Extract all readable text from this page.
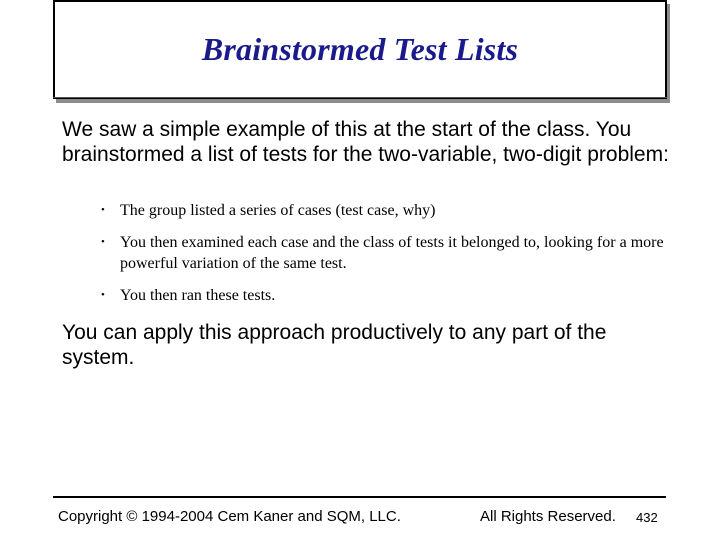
Brainstormed Test Lists
We saw a simple example of this at the start of the class. You brainstormed a list of tests for the two-variable, two-digit problem:
• The group listed a series of cases (test case, why)
• You then examined each case and the class of tests it belonged to, looking for a more powerful variation of the same test.
• You then ran these tests.
You can apply this approach productively to any part of the system.
Copyright © 1994-2004 Cem Kaner and SQM, LLC.	All Rights Reserved. 432
